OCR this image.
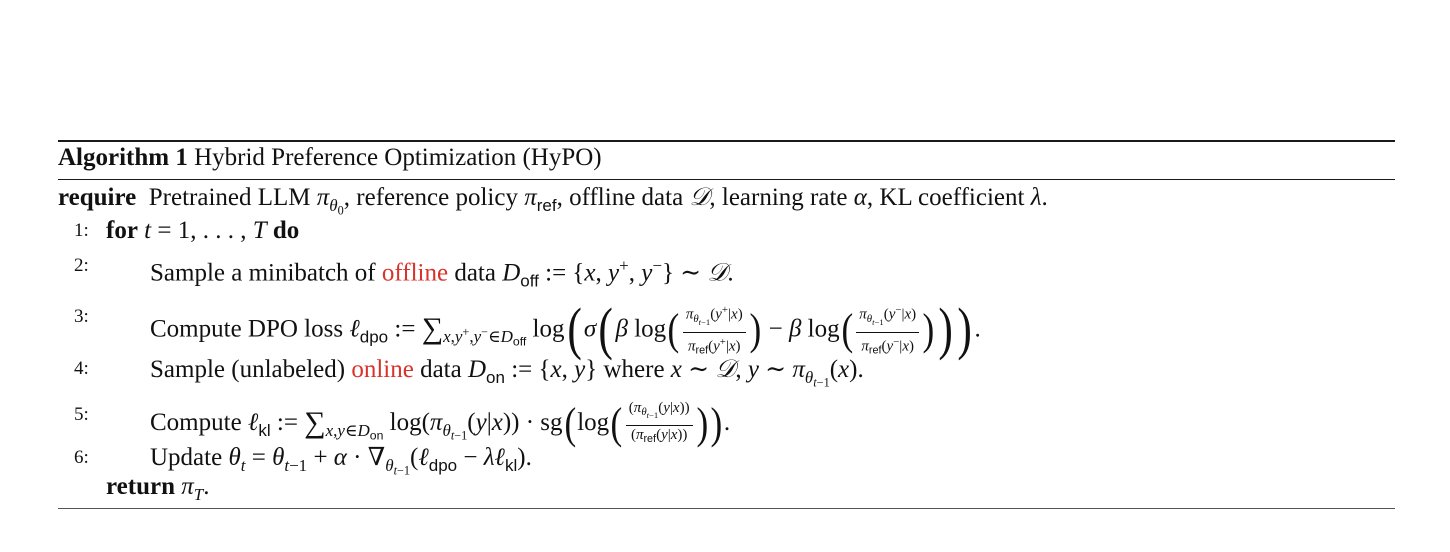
Algorithm 1 Hybrid Preference Optimization (HyPO)
require Pretrained LLM $\pi_{\theta_0}$, reference policy $\pi_{ref}$, offline data 𝒟, learning rate α, KL coefficient λ.
1: for t = 1, . . . , T do
2: Sample a minibatch of offline data $D_{off}$ := {x, y+, y−} ∼ 𝒟.
3: Compute DPO loss ℓ$_{dpo}$ := $\sum_{x,y^+,y^-\in D_{off}}$ log(σ(β $\log( \frac{\pi_{\theta_{t-1}}(y^+|x)}{\pi_{ref}(y^+|x)}$ ) − β $\log( \frac{\pi_{\theta_{t-1}}(y^-|x)}{\pi_{ref}(y^-|x)}$ ))).
4: Sample (unlabeled) online data $D_{on}$ := {x, y} where x ∼ 𝒟, y ∼ $\pi_{\theta_{t-1}}(x)$.
5: Compute ℓ$_{kl}$ := $\sum_{x,y\in D_{on}}$ $\log(\pi_{\theta_{t-1}}(y|x)) \cdot sg(\log( \frac{(\pi_{\theta_{t-1}}(y|x))}{(\pi_{ref}(y|x))}$ )).
6: Update $\theta_t = \theta_{t-1} + \alpha$ · $\nabla_{\theta_{t-1}}(\ell_{dpo}$ − λℓ$_{kl}$).
return $\pi_T$.
